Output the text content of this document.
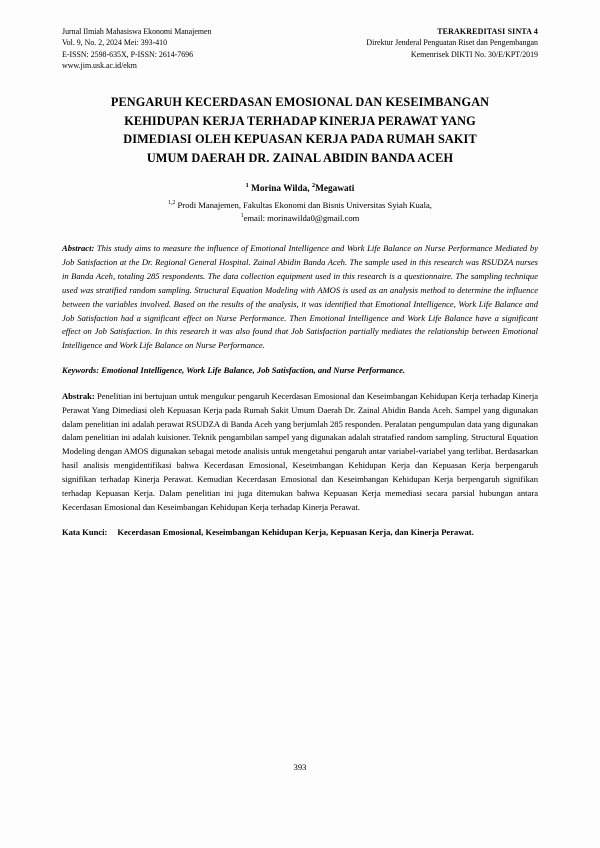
Jurnal Ilmiah Mahasiswa Ekonomi Manajemen
Vol. 9, No. 2, 2024 Mei: 393-410
E-ISSN: 2598-635X, P-ISSN: 2614-7696
www.jim.usk.ac.id/ekm
TERAKREDITASI SINTA 4
Direktur Jenderal Penguatan Riset dan Pengembangan
Kemenrisek DIKTI No. 30/E/KPT/2019
PENGARUH KECERDASAN EMOSIONAL DAN KESEIMBANGAN
KEHIDUPAN KERJA TERHADAP KINERJA PERAWAT YANG
DIMEDIASI OLEH KEPUASAN KERJA PADA RUMAH SAKIT
UMUM DAERAH DR. ZAINAL ABIDIN BANDA ACEH
$^1$ Morina Wilda, $^2$Megawati
$^{1,2}$ Prodi Manajemen, Fakultas Ekonomi dan Bisnis Universitas Syiah Kuala,
$^1$email: morinawilda0@gmail.com
Abstract: This study aims to measure the influence of Emotional Intelligence and Work Life Balance on Nurse Performance Mediated by Job Satisfaction at the Dr. Regional General Hospital. Zainal Abidin Banda Aceh. The sample used in this research was RSUDZA nurses in Banda Aceh, totaling 285 respondents. The data collection equipment used in this research is a questionnaire. The sampling technique used was stratified random sampling. Structural Equation Modeling with AMOS is used as an analysis method to determine the influence between the variables involved. Based on the results of the analysis, it was identified that Emotional Intelligence, Work Life Balance and Job Satisfaction had a significant effect on Nurse Performance. Then Emotional Intelligence and Work Life Balance have a significant effect on Job Satisfaction. In this research it was also found that Job Satisfaction partially mediates the relationship between Emotional Intelligence and Work Life Balance on Nurse Performance.
Keywords: Emotional Intelligence, Work Life Balance, Job Satisfaction, and Nurse Performance.
Abstrak: Penelitian ini bertujuan untuk mengukur pengaruh Kecerdasan Emosional dan Keseimbangan Kehidupan Kerja terhadap Kinerja Perawat Yang Dimediasi oleh Kepuasan Kerja pada Rumah Sakit Umum Daerah Dr. Zainal Abidin Banda Aceh. Sampel yang digunakan dalam penelitian ini adalah perawat RSUDZA di Banda Aceh yang berjumlah 285 responden. Peralatan pengumpulan data yang digunakan dalam penelitian ini adalah kuisioner. Teknik pengambilan sampel yang digunakan adalah stratafied random sampling. Structural Equation Modeling dengan AMOS digunakan sebagai metode analisis untuk mengetahui pengaruh antar variabel-variabel yang terlibat. Berdasarkan hasil analisis mengidentifikasi bahwa Kecerdasan Emosional, Keseimbangan Kehidupan Kerja dan Kepuasan Kerja berpengaruh signifikan terhadap Kinerja Perawat. Kemudian Kecerdasan Emosional dan Keseimbangan Kehidupan Kerja berpengaruh signifikan terhadap Kepuasan Kerja. Dalam penelitian ini juga ditemukan bahwa Kepuasan Kerja memediasi secara parsial hubungan antara Kecerdasan Emosional dan Keseimbangan Kehidupan Kerja terhadap Kinerja Perawat.
Kata Kunci: Kecerdasan Emosional, Keseimbangan Kehidupan Kerja, Kepuasan Kerja, dan Kinerja Perawat.
393
